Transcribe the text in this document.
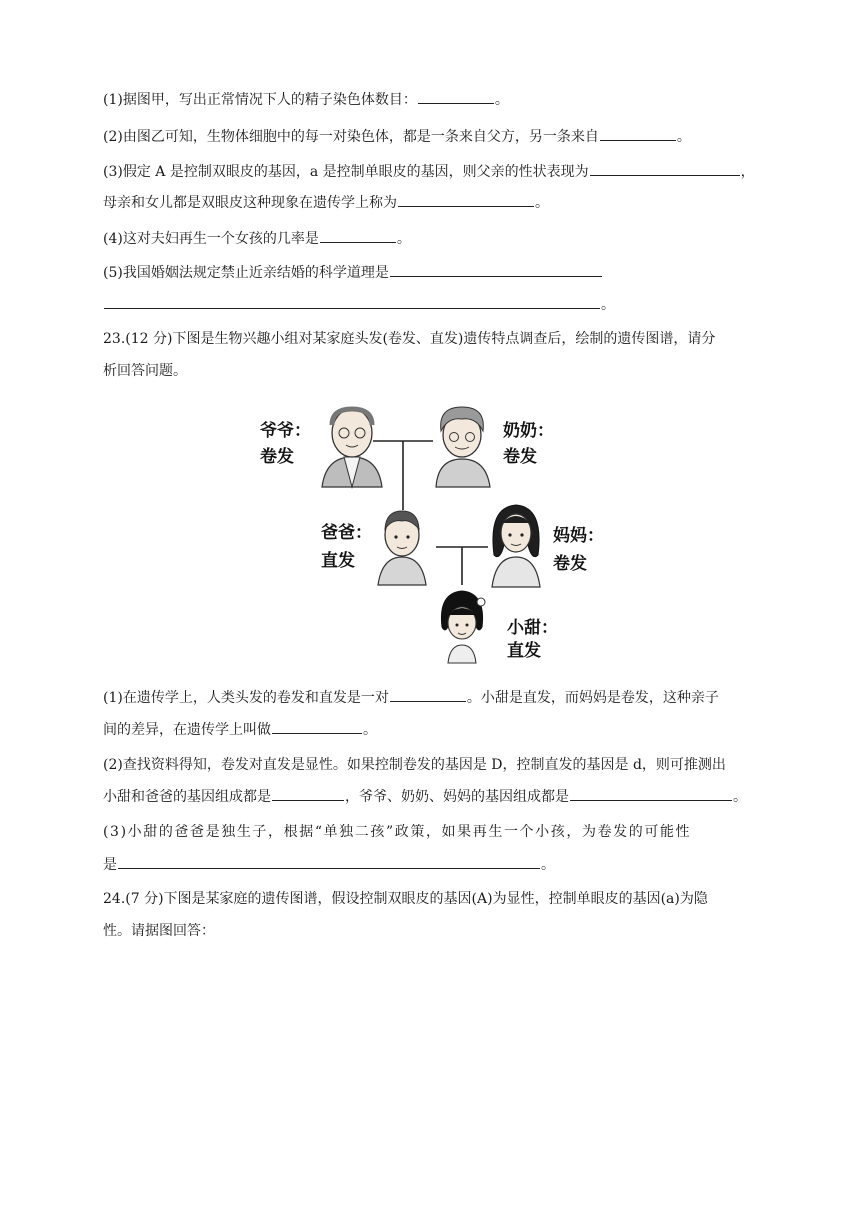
(1)据图甲，写出正常情况下人的精子染色体数目：	。
(2)由图乙可知，生物体细胞中的每一对染色体，都是一条来自父方，另一条来自	。
(3)假定 A 是控制双眼皮的基因，a 是控制单眼皮的基因，则父亲的性状表现为	，
母亲和女儿都是双眼皮这种现象在遗传学上称为	。
(4)这对夫妇再生一个女孩的几率是	。
(5)我国婚姻法规定禁止近亲结婚的科学道理是
。
23.(12 分)下图是生物兴趣小组对某家庭头发(卷发、直发)遗传特点调查后，绘制的遗传图谱，请分
析回答问题。
爷爷：
卷发
奶奶：
卷发
爸爸：
直发
小甜：
直发
妈妈：
卷发
(1)在遗传学上，人类头发的卷发和直发是一对	。小甜是直发，而妈妈是卷发，这种亲子
间的差异，在遗传学上叫做	。
(2)查找资料得知，卷发对直发是显性。如果控制卷发的基因是 D，控制直发的基因是 d，则可推测出
小甜和爸爸的基因组成都是	，爷爷、奶奶、妈妈的基因组成都是	。
(3)小甜的爸爸是独生子，根据“单独二孩”政策，如果再生一个小孩，为卷发的可能性
是	。
24.(7 分)下图是某家庭的遗传图谱，假设控制双眼皮的基因(A)为显性，控制单眼皮的基因(a)为隐
性。请据图回答：
